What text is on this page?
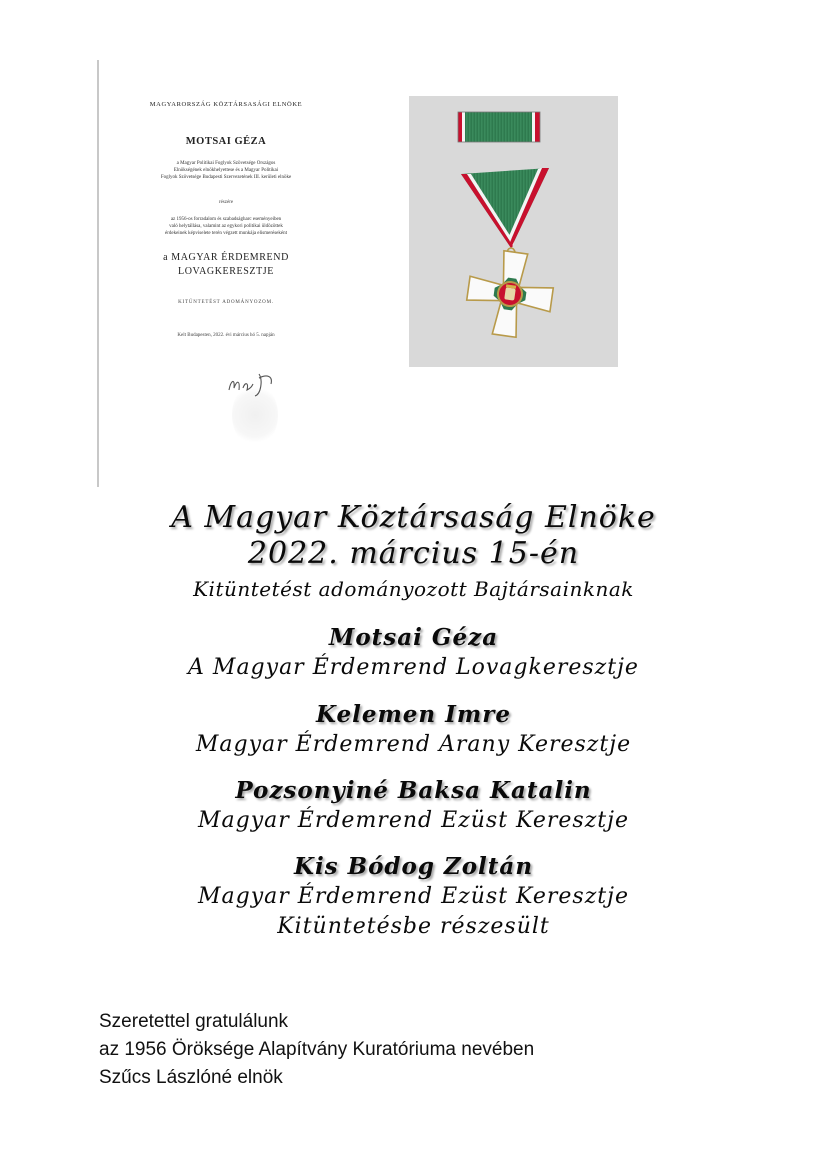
MAGYARORSZÁG KÖZTÁRSASÁGI ELNÖKE
MOTSAI GÉZA
a Magyar Politikai Foglyok Szövetsége Országos
Elnökségének elnökhelyettese és a Magyar Politikai
Foglyok Szövetsége Budapesti Szervezetének III. kerületi elnöke
részére
az 1956-os forradalom és szabadságharc eseményeiben
való helytállása, valamint az egykori politikai üldözöttek
érdekeinek képviselete terén végzett munkája elismeréseként
a MAGYAR ÉRDEMREND
LOVAGKERESZTJE
KITÜNTETÉST ADOMÁNYOZOM.
Kelt Budapesten, 2022. évi március hó 5. napján
A Magyar Köztársaság Elnöke
2022. március 15-én
Kitüntetést adományozott Bajtársainknak
Motsai Géza
A Magyar Érdemrend Lovagkeresztje
Kelemen Imre
Magyar Érdemrend Arany Keresztje
Pozsonyiné Baksa Katalin
Magyar Érdemrend Ezüst Keresztje
Kis Bódog Zoltán
Magyar Érdemrend Ezüst Keresztje
Kitüntetésbe részesült
Szeretettel gratulálunk
az 1956 Öröksége Alapítvány Kuratóriuma nevében
Szűcs Lászlóné elnök
